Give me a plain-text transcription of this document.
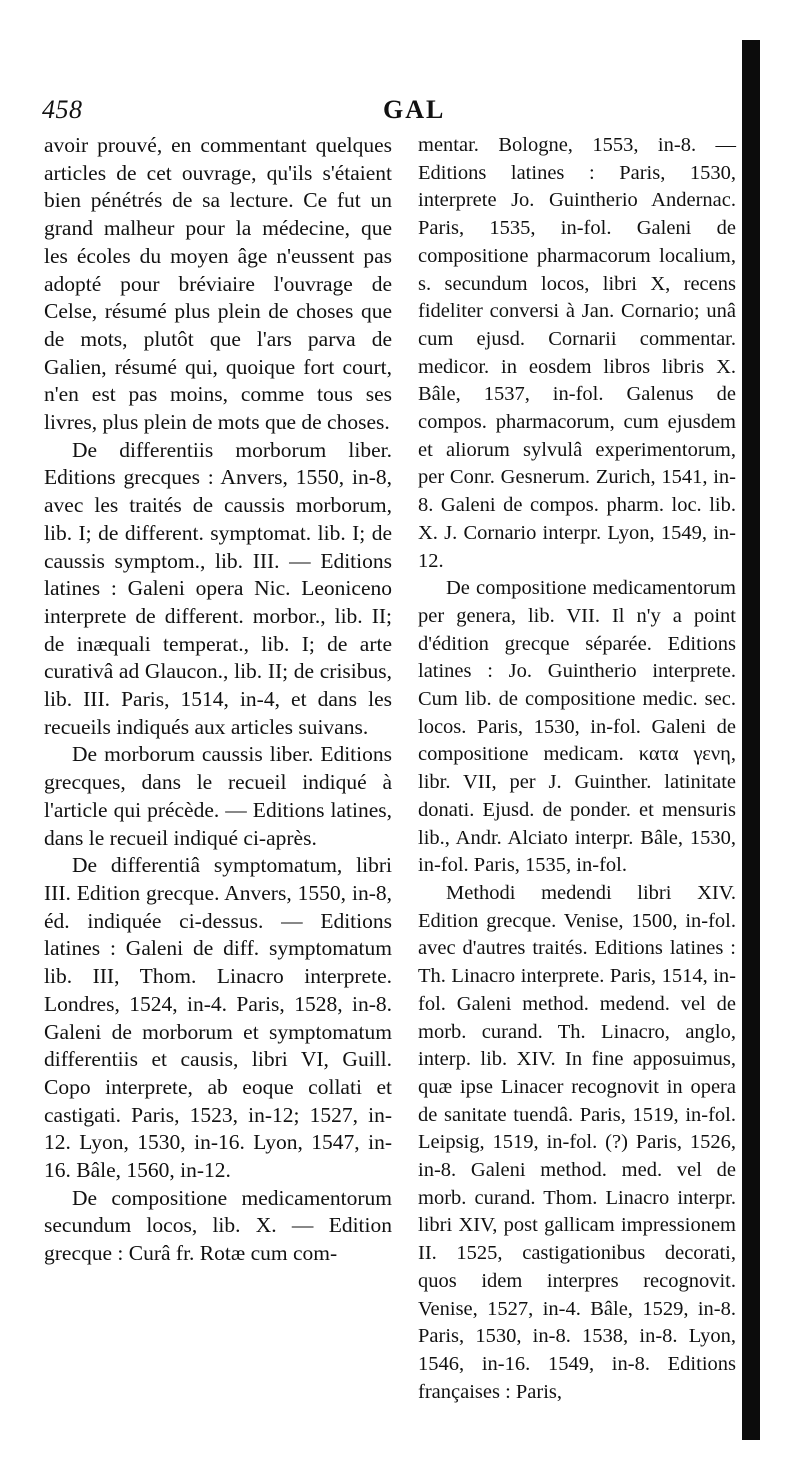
458	GAL

avoir prouvé, en commentant quelques articles de cet ouvrage, qu'ils s'étaient bien pénétrés de sa lecture. Ce fut un grand malheur pour la médecine, que les écoles du moyen âge n'eussent pas adopté pour bréviaire l'ouvrage de Celse, résumé plus plein de choses que de mots, plutôt que l'ars parva de Galien, résumé qui, quoique fort court, n'en est pas moins, comme tous ses livres, plus plein de mots que de choses.

De differentiis morborum liber. Editions grecques : Anvers, 1550, in-8, avec les traités de caussis morborum, lib. I; de different. symptomat. lib. I; de caussis symptom., lib. III. — Editions latines : Galeni opera Nic. Leoniceno interprete de different. morbor., lib. II; de inæquali temperat., lib. I; de arte curativâ ad Glaucon., lib. II; de crisibus, lib. III. Paris, 1514, in-4, et dans les recueils indiqués aux articles suivans.

De morborum caussis liber. Editions grecques, dans le recueil indiqué à l'article qui précède. — Editions latines, dans le recueil indiqué ci-après.

De differentiâ symptomatum, libri III. Edition grecque. Anvers, 1550, in-8, éd. indiquée ci-dessus. — Editions latines : Galeni de diff. symptomatum lib. III, Thom. Linacro interprete. Londres, 1524, in-4. Paris, 1528, in-8. Galeni de morborum et symptomatum differentiis et causis, libri VI, Guill. Copo interprete, ab eoque collati et castigati. Paris, 1523, in-12; 1527, in-12. Lyon, 1530, in-16. Lyon, 1547, in-16. Bâle, 1560, in-12.

De compositione medicamentorum secundum locos, lib. X. — Edition grecque : Curâ fr. Rotæ cum com-

mentar. Bologne, 1553, in-8. — Editions latines : Paris, 1530, interprete Jo. Guintherio Andernac. Paris, 1535, in-fol. Galeni de compositione pharmacorum localium, s. secundum locos, libri X, recens fideliter conversi à Jan. Cornario; unâ cum ejusd. Cornarii commentar. medicor. in eosdem libros libris X. Bâle, 1537, in-fol. Galenus de compos. pharmacorum, cum ejusdem et aliorum sylvulâ experimentorum, per Conr. Gesnerum. Zurich, 1541, in-8. Galeni de compos. pharm. loc. lib. X. J. Cornario interpr. Lyon, 1549, in-12.

De compositione medicamentorum per genera, lib. VII. Il n'y a point d'édition grecque séparée. Editions latines : Jo. Guintherio interprete. Cum lib. de compositione medic. sec. locos. Paris, 1530, in-fol. Galeni de compositione medicam. κατα γενη, libr. VII, per J. Guinther. latinitate donati. Ejusd. de ponder. et mensuris lib., Andr. Alciato interpr. Bâle, 1530, in-fol. Paris, 1535, in-fol.

Methodi medendi libri XIV. Edition grecque. Venise, 1500, in-fol. avec d'autres traités. Editions latines : Th. Linacro interprete. Paris, 1514, in-fol. Galeni method. medend. vel de morb. curand. Th. Linacro, anglo, interp. lib. XIV. In fine apposuimus, quæ ipse Linacer recognovit in opera de sanitate tuendâ. Paris, 1519, in-fol. Leipsig, 1519, in-fol. (?) Paris, 1526, in-8. Galeni method. med. vel de morb. curand. Thom. Linacro interpr. libri XIV, post gallicam impressionem II. 1525, castigationibus decorati, quos idem interpres recognovit. Venise, 1527, in-4. Bâle, 1529, in-8. Paris, 1530, in-8. 1538, in-8. Lyon, 1546, in-16. 1549, in-8. Editions françaises : Paris,
